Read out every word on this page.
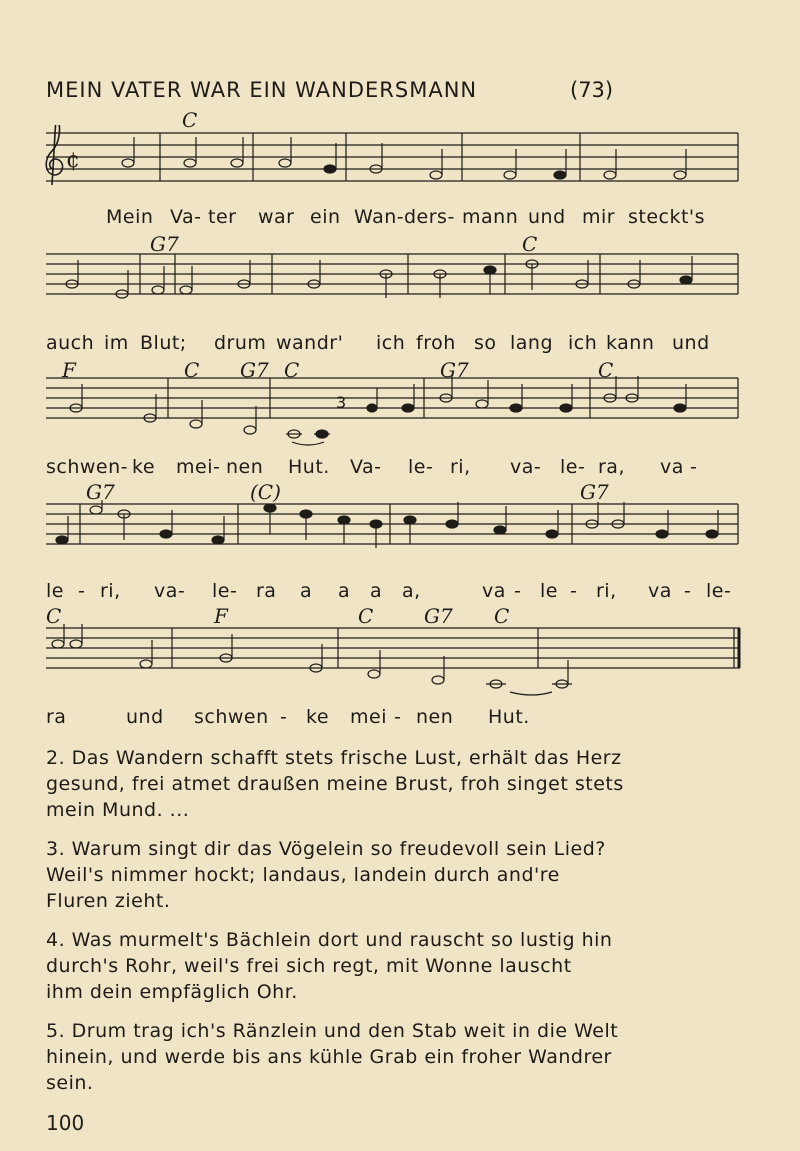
MEIN VATER WAR EIN WANDERSMANN	(73)
C
¢
Mein Va- ter war ein Wan- ders- mann und mir steckt's
G7	C
auch im Blut; drum wandr' ich froh so lang ich kann und
F	C G7 C	G7	C
3
schwen- ke mei- nen Hut. Va- le- ri, va- le- ra, va -
G7	(C)	G7
le - ri, va- le- ra a a a a,	va - le - ri, va - le-
C	F	C	G7 C
ra	und schwen - ke mei - nen Hut.

2. Das Wandern schafft stets frische Lust, erhält das Herz
gesund, frei atmet draußen meine Brust, froh singet stets
mein Mund. ...

3. Warum singt dir das Vögelein so freudevoll sein Lied?
Weil's nimmer hockt; landaus, landein durch and're
Fluren zieht.

4. Was murmelt's Bächlein dort und rauscht so lustig hin
durch's Rohr, weil's frei sich regt, mit Wonne lauscht
ihm dein empfäglich Ohr.

5. Drum trag ich's Ränzlein und den Stab weit in die Welt
hinein, und werde bis ans kühle Grab ein froher Wandrer
sein.

100
